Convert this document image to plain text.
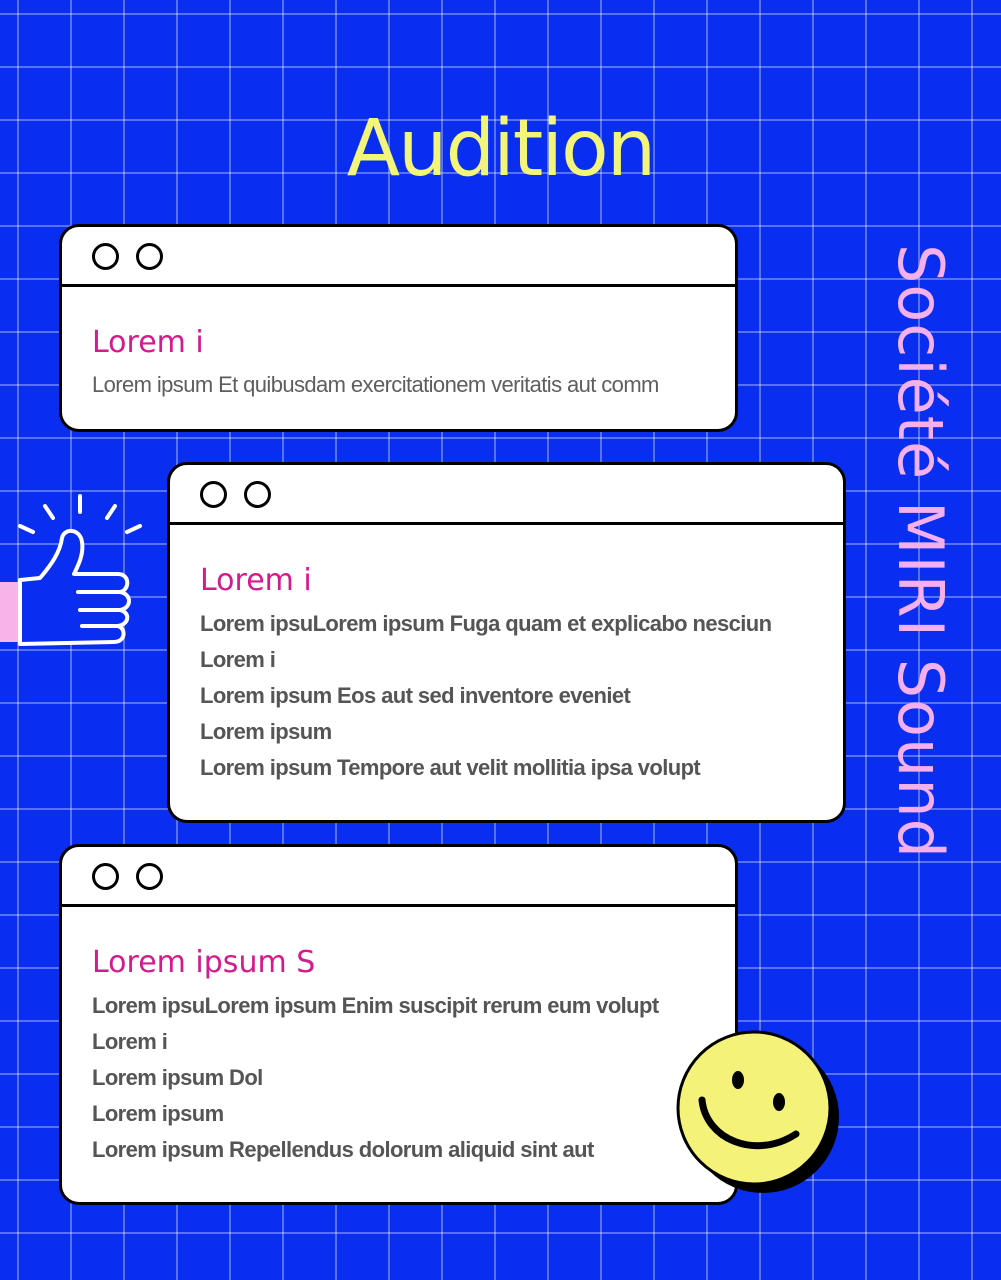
Audition
Société MIRI Sound
Lorem i

Lorem ipsum Et quibusdam exercitationem veritatis aut comm

Lorem i

Lorem ipsuLorem ipsum Fuga quam et explicabo nesciun

Lorem i

Lorem ipsum Eos aut sed inventore eveniet

Lorem ipsum

Lorem ipsum Tempore aut velit mollitia ipsa volupt

Lorem ipsum S

Lorem ipsuLorem ipsum Enim suscipit rerum eum volupt

Lorem i

Lorem ipsum Dol

Lorem ipsum

Lorem ipsum Repellendus dolorum aliquid sint aut
